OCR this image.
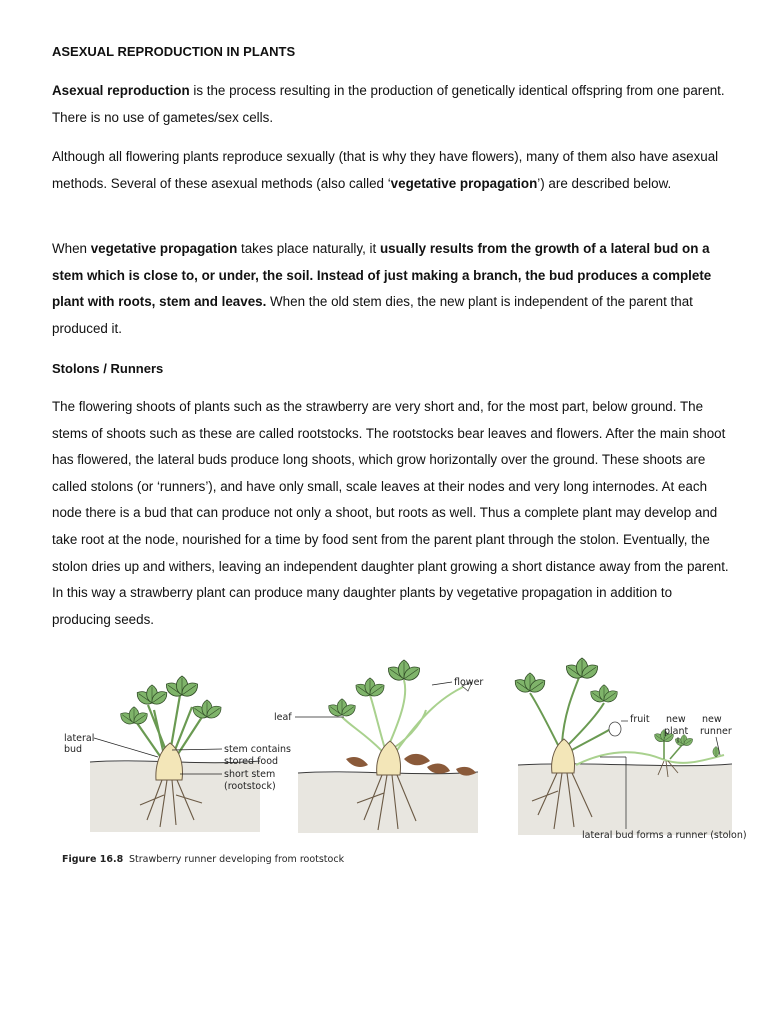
ASEXUAL REPRODUCTION IN PLANTS
Asexual reproduction is the process resulting in the production of genetically identical offspring from one parent. There is no use of gametes/sex cells.
Although all flowering plants reproduce sexually (that is why they have flowers), many of them also have asexual methods. Several of these asexual methods (also called ‘vegetative propagation’) are described below.
When vegetative propagation takes place naturally, it usually results from the growth of a lateral bud on a stem which is close to, or under, the soil. Instead of just making a branch, the bud produces a complete plant with roots, stem and leaves. When the old stem dies, the new plant is independent of the parent that produced it.
Stolons / Runners
The flowering shoots of plants such as the strawberry are very short and, for the most part, below ground. The stems of shoots such as these are called rootstocks. The rootstocks bear leaves and flowers. After the main shoot has flowered, the lateral buds produce long shoots, which grow horizontally over the ground. These shoots are called stolons (or ‘runners’), and have only small, scale leaves at their nodes and very long internodes. At each node there is a bud that can produce not only a shoot, but roots as well. Thus a complete plant may develop and take root at the node, nourished for a time by food sent from the parent plant through the stolon. Eventually, the stolon dries up and withers, leaving an independent daughter plant growing a short distance away from the parent. In this way a strawberry plant can produce many daughter plants by vegetative propagation in addition to producing seeds.
lateral
bud	stem contains
stored food
short stem
(rootstock)
leaf
flower
fruit new
plant
new
runner
lateral bud forms a runner (stolon)
Figure 16.8 Strawberry runner developing from rootstock
